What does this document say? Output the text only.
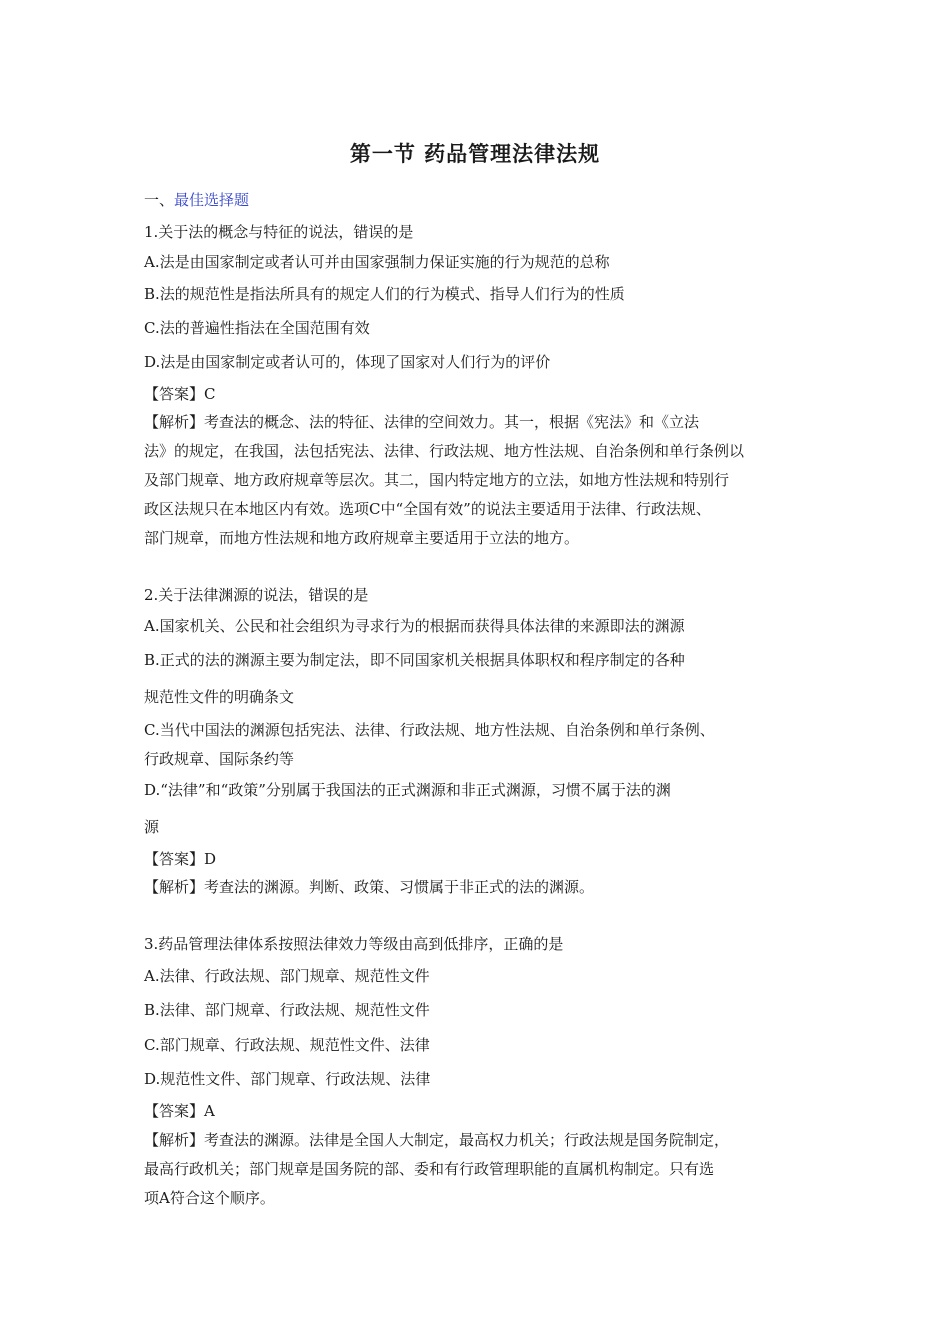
第一节 药品管理法律法规
一、最佳选择题
1.关于法的概念与特征的说法，错误的是
A.法是由国家制定或者认可并由国家强制力保证实施的行为规范的总称
B.法的规范性是指法所具有的规定人们的行为模式、指导人们行为的性质
C.法的普遍性指法在全国范围有效
D.法是由国家制定或者认可的，体现了国家对人们行为的评价
【答案】C
【解析】考查法的概念、法的特征、法律的空间效力。其一，根据《宪法》和《立法
法》的规定，在我国，法包括宪法、法律、行政法规、地方性法规、自治条例和单行条例以
及部门规章、地方政府规章等层次。其二，国内特定地方的立法，如地方性法规和特别行
政区法规只在本地区内有效。选项C中“全国有效”的说法主要适用于法律、行政法规、
部门规章，而地方性法规和地方政府规章主要适用于立法的地方。
2.关于法律渊源的说法，错误的是
A.国家机关、公民和社会组织为寻求行为的根据而获得具体法律的来源即法的渊源
B.正式的法的渊源主要为制定法，即不同国家机关根据具体职权和程序制定的各种
规范性文件的明确条文
C.当代中国法的渊源包括宪法、法律、行政法规、地方性法规、自治条例和单行条例、
行政规章、国际条约等
D.“法律”和“政策”分别属于我国法的正式渊源和非正式渊源，习惯不属于法的渊
源
【答案】D
【解析】考查法的渊源。判断、政策、习惯属于非正式的法的渊源。
3.药品管理法律体系按照法律效力等级由高到低排序，正确的是
A.法律、行政法规、部门规章、规范性文件
B.法律、部门规章、行政法规、规范性文件
C.部门规章、行政法规、规范性文件、法律
D.规范性文件、部门规章、行政法规、法律
【答案】A
【解析】考查法的渊源。法律是全国人大制定，最高权力机关；行政法规是国务院制定，
最高行政机关；部门规章是国务院的部、委和有行政管理职能的直属机构制定。只有选
项A符合这个顺序。
